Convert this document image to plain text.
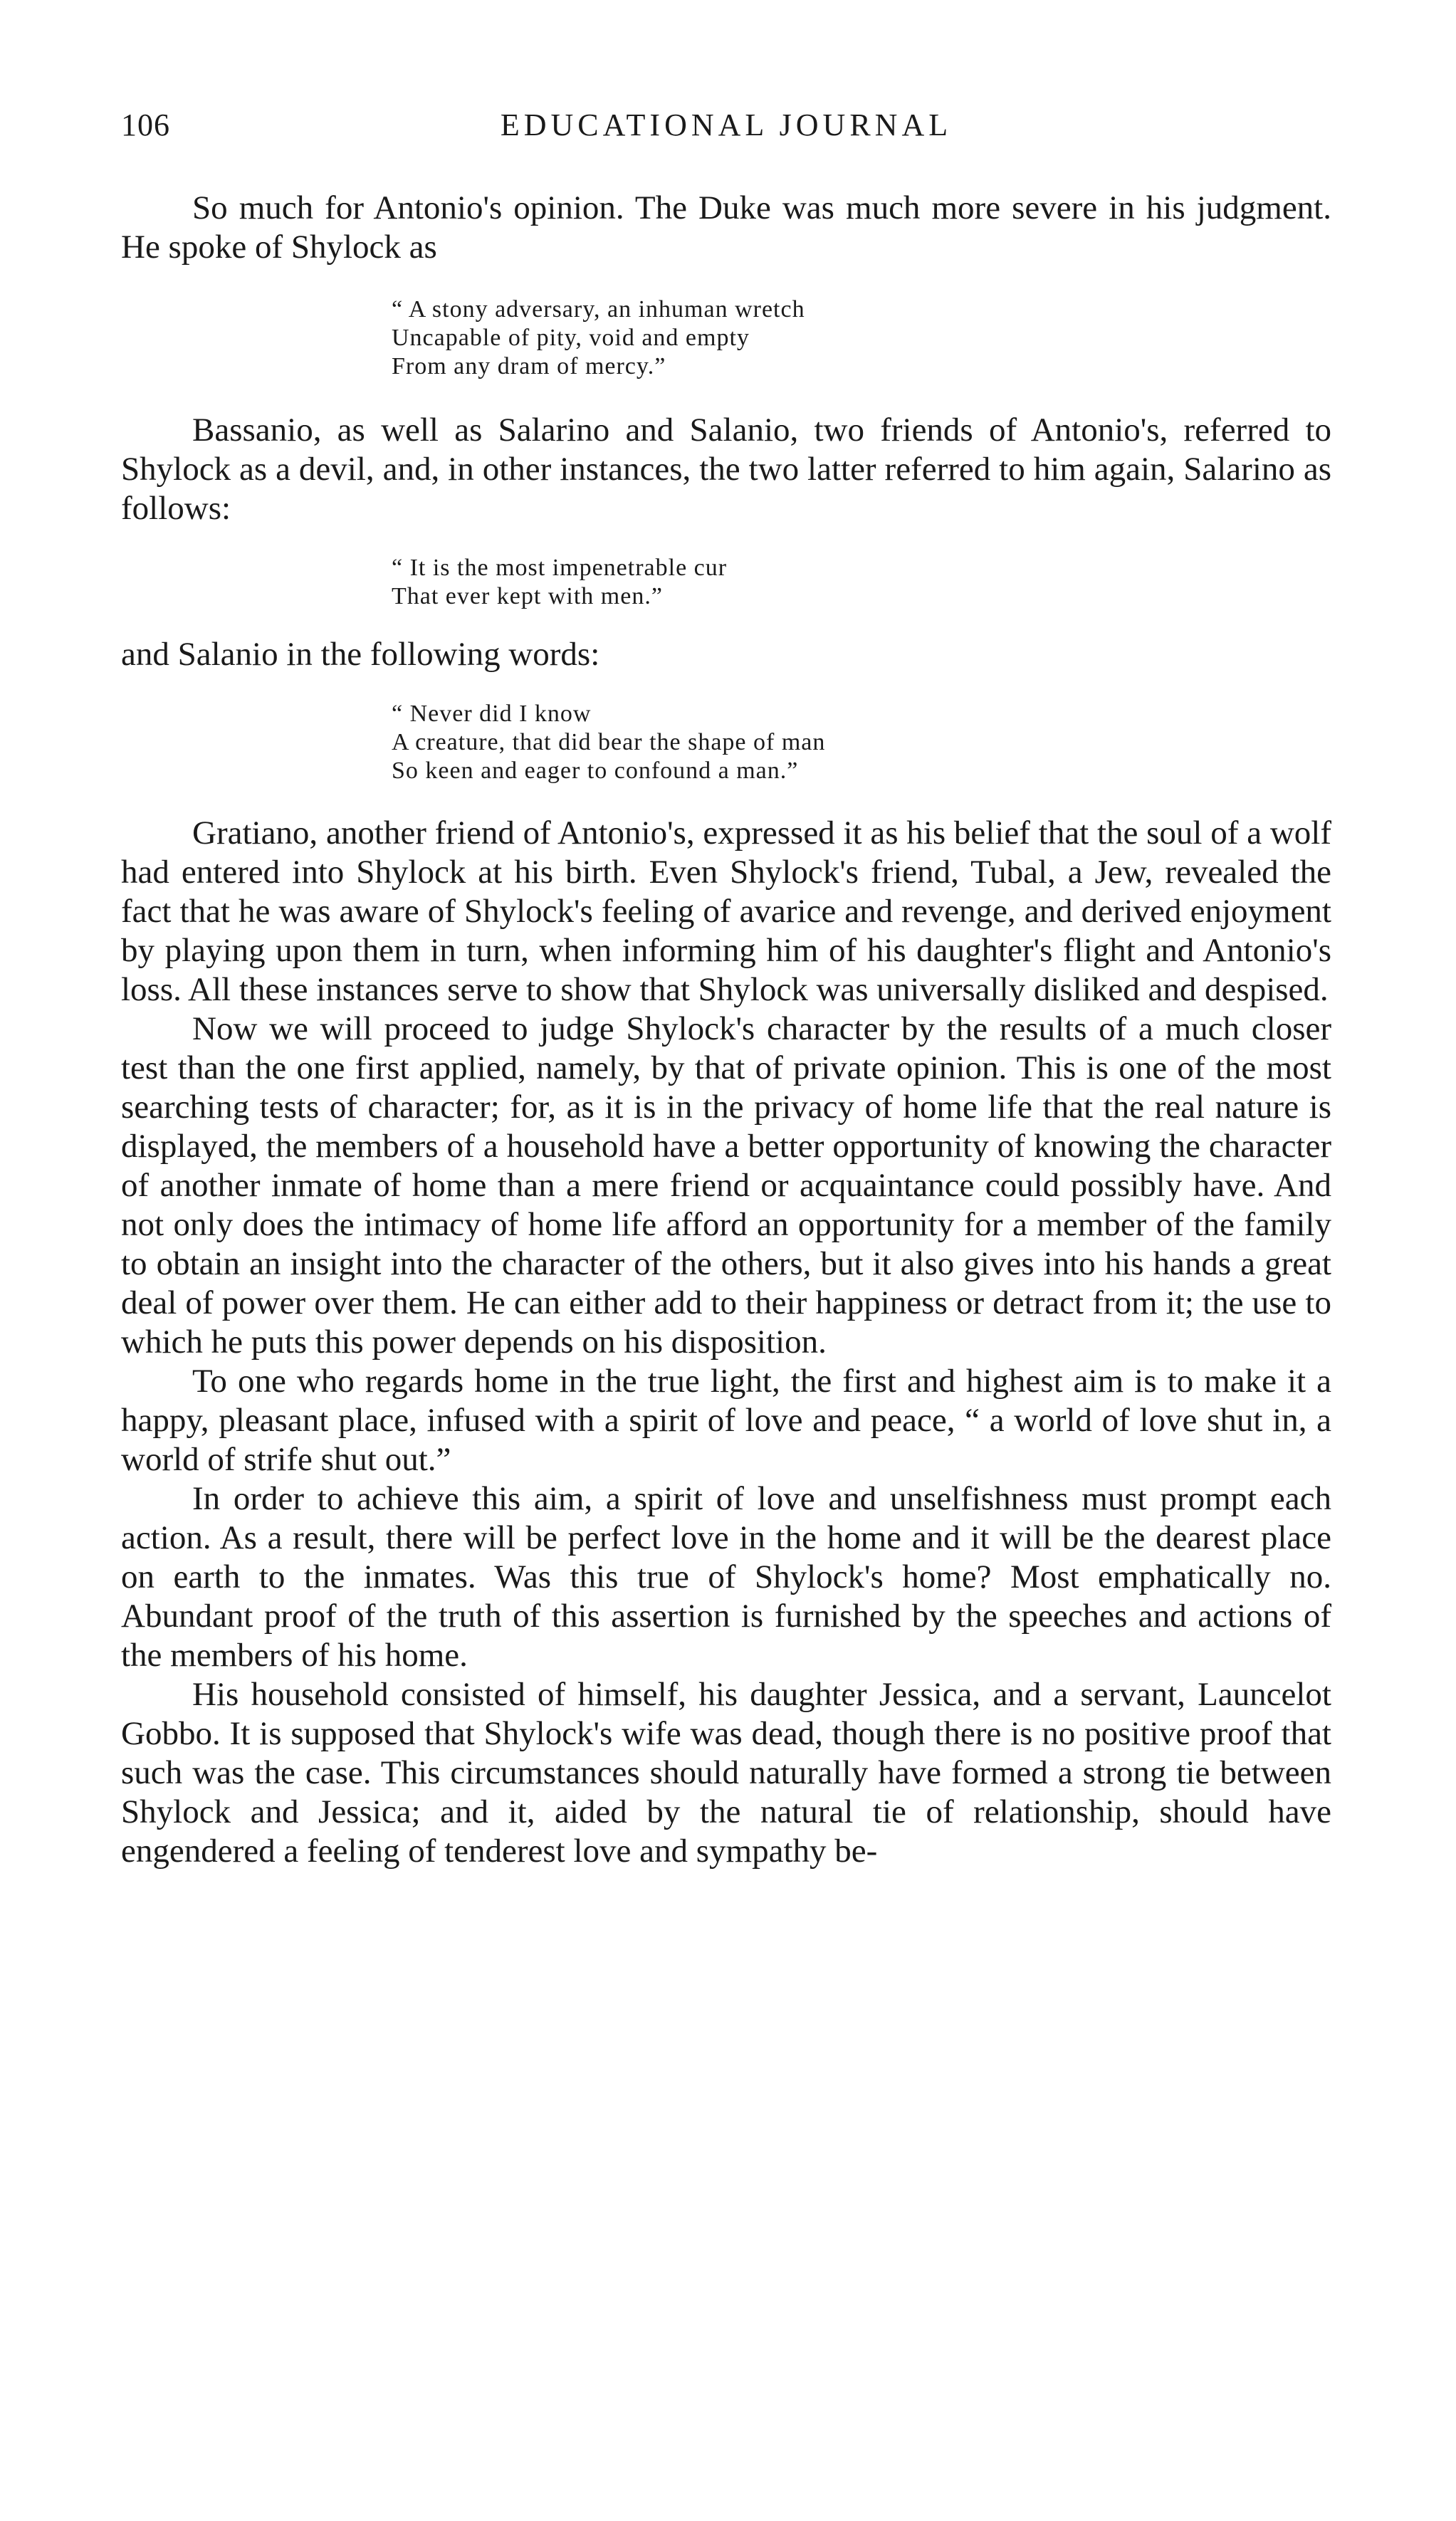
106	EDUCATIONAL JOURNAL

So much for Antonio's opinion. The Duke was much more severe in his judgment. He spoke of Shylock as

“ A stony adversary, an inhuman wretch
Uncapable of pity, void and empty
From any dram of mercy.”

Bassanio, as well as Salarino and Salanio, two friends of Antonio's, referred to Shylock as a devil, and, in other instances, the two latter referred to him again, Salarino as follows:

“ It is the most impenetrable cur
That ever kept with men.”

and Salanio in the following words:

“ Never did I know
A creature, that did bear the shape of man
So keen and eager to confound a man.”

Gratiano, another friend of Antonio's, expressed it as his belief that the soul of a wolf had entered into Shylock at his birth. Even Shylock's friend, Tubal, a Jew, revealed the fact that he was aware of Shylock's feeling of avarice and revenge, and derived enjoyment by playing upon them in turn, when informing him of his daughter's flight and Antonio's loss. All these instances serve to show that Shylock was universally disliked and despised.

Now we will proceed to judge Shylock's character by the results of a much closer test than the one first applied, namely, by that of private opinion. This is one of the most searching tests of character; for, as it is in the privacy of home life that the real nature is displayed, the members of a household have a better opportunity of knowing the character of another inmate of home than a mere friend or acquaintance could possibly have. And not only does the intimacy of home life afford an opportunity for a member of the family to obtain an insight into the character of the others, but it also gives into his hands a great deal of power over them. He can either add to their happiness or detract from it; the use to which he puts this power depends on his disposition.

To one who regards home in the true light, the first and highest aim is to make it a happy, pleasant place, infused with a spirit of love and peace, “ a world of love shut in, a world of strife shut out.”

In order to achieve this aim, a spirit of love and unselfishness must prompt each action. As a result, there will be perfect love in the home and it will be the dearest place on earth to the inmates. Was this true of Shylock's home? Most emphatically no. Abundant proof of the truth of this assertion is furnished by the speeches and actions of the members of his home.

His household consisted of himself, his daughter Jessica, and a servant, Launcelot Gobbo. It is supposed that Shylock's wife was dead, though there is no positive proof that such was the case. This circumstances should naturally have formed a strong tie between Shylock and Jessica; and it, aided by the natural tie of relationship, should have engendered a feeling of tenderest love and sympathy be-
